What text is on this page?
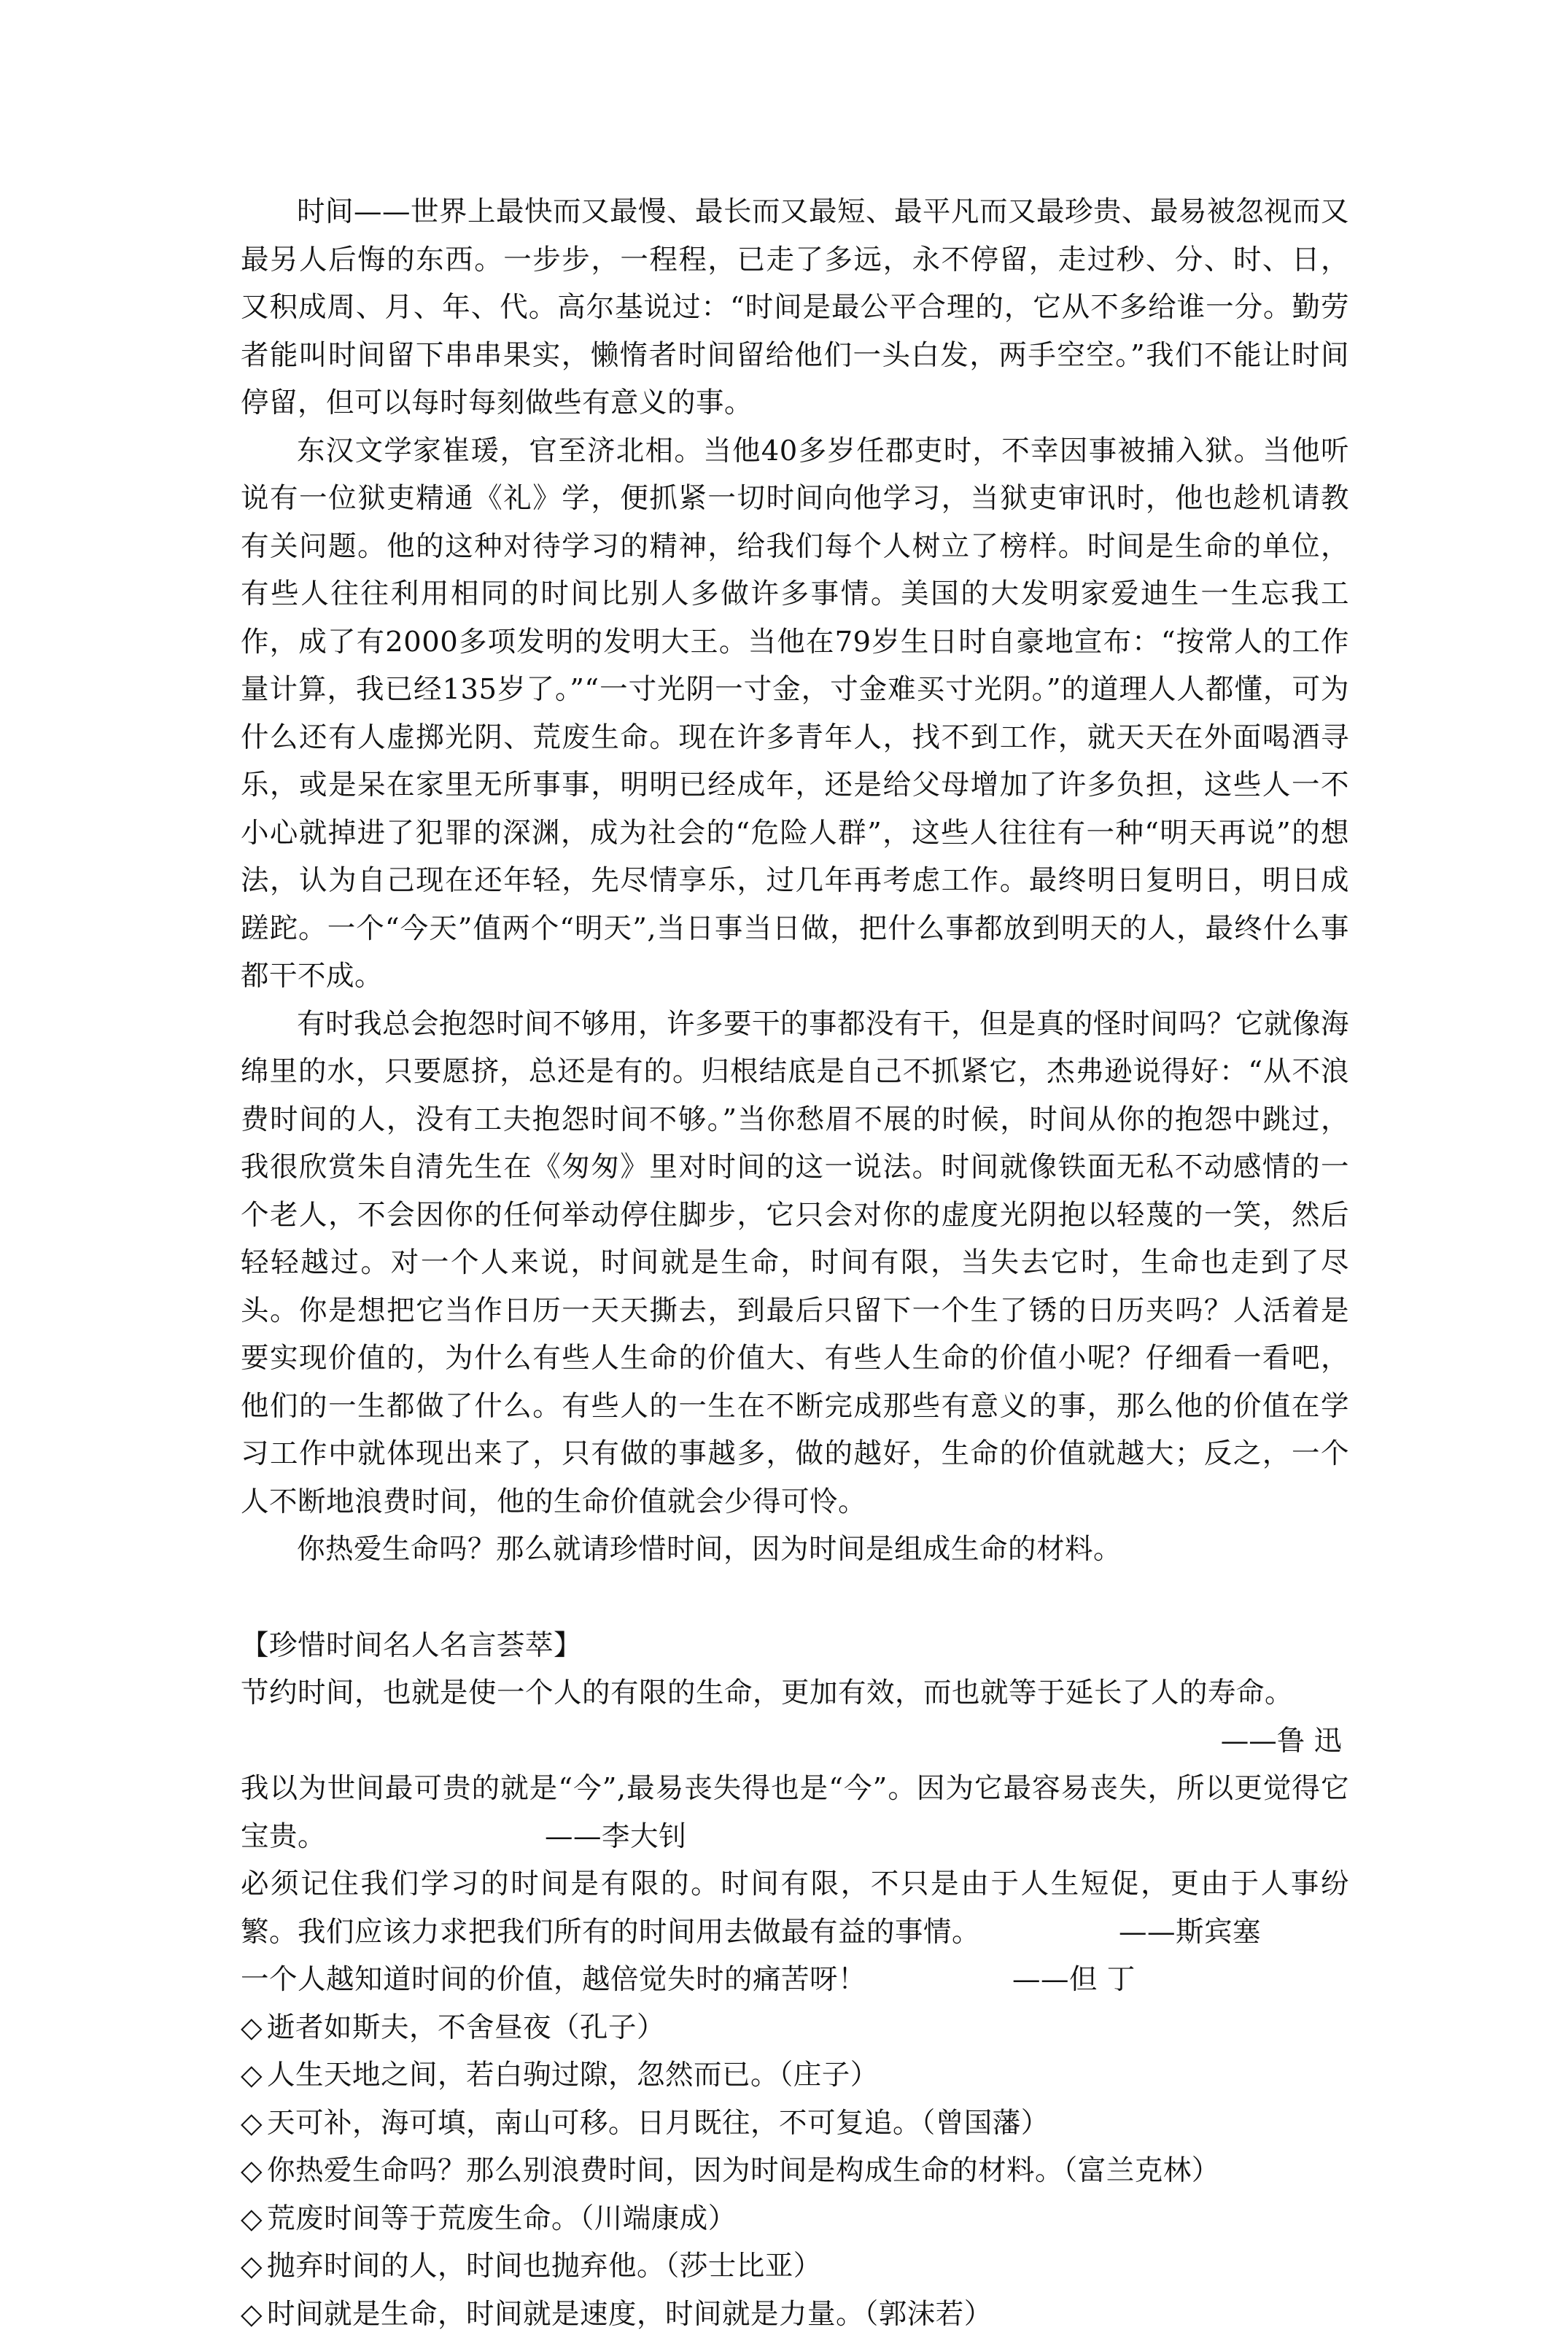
时间——世界上最快而又最慢、最长而又最短、最平凡而又最珍贵、最易被忽视而又最另人后悔的东西。一步步，一程程，已走了多远，永不停留，走过秒、分、时、日，又积成周、月、年、代。高尔基说过：“时间是最公平合理的，它从不多给谁一分。勤劳者能叫时间留下串串果实，懒惰者时间留给他们一头白发，两手空空。”我们不能让时间停留，但可以每时每刻做些有意义的事。

东汉文学家崔瑗，官至济北相。当他40多岁任郡吏时，不幸因事被捕入狱。当他听说有一位狱吏精通《礼》学，便抓紧一切时间向他学习，当狱吏审讯时，他也趁机请教有关问题。他的这种对待学习的精神，给我们每个人树立了榜样。时间是生命的单位，有些人往往利用相同的时间比别人多做许多事情。美国的大发明家爱迪生一生忘我工作，成了有2000多项发明的发明大王。当他在79岁生日时自豪地宣布：“按常人的工作量计算，我已经135岁了。”“一寸光阴一寸金，寸金难买寸光阴。”的道理人人都懂，可为什么还有人虚掷光阴、荒废生命。现在许多青年人，找不到工作，就天天在外面喝酒寻乐，或是呆在家里无所事事，明明已经成年，还是给父母增加了许多负担，这些人一不小心就掉进了犯罪的深渊，成为社会的“危险人群”，这些人往往有一种“明天再说”的想法，认为自己现在还年轻，先尽情享乐，过几年再考虑工作。最终明日复明日，明日成蹉跎。一个“今天”值两个“明天”,当日事当日做，把什么事都放到明天的人，最终什么事都干不成。

有时我总会抱怨时间不够用，许多要干的事都没有干，但是真的怪时间吗？它就像海绵里的水，只要愿挤，总还是有的。归根结底是自己不抓紧它，杰弗逊说得好：“从不浪费时间的人，没有工夫抱怨时间不够。”当你愁眉不展的时候，时间从你的抱怨中跳过，我很欣赏朱自清先生在《匆匆》里对时间的这一说法。时间就像铁面无私不动感情的一个老人，不会因你的任何举动停住脚步，它只会对你的虚度光阴抱以轻蔑的一笑，然后轻轻越过。对一个人来说，时间就是生命，时间有限，当失去它时，生命也走到了尽头。你是想把它当作日历一天天撕去，到最后只留下一个生了锈的日历夹吗？人活着是要实现价值的，为什么有些人生命的价值大、有些人生命的价值小呢？仔细看一看吧，他们的一生都做了什么。有些人的一生在不断完成那些有意义的事，那么他的价值在学习工作中就体现出来了，只有做的事越多，做的越好，生命的价值就越大；反之，一个人不断地浪费时间，他的生命价值就会少得可怜。

你热爱生命吗？那么就请珍惜时间，因为时间是组成生命的材料。

【珍惜时间名人名言荟萃】

节约时间，也就是使一个人的有限的生命，更加有效，而也就等于延长了人的寿命。

——鲁 迅

我以为世间最可贵的就是“今”,最易丧失得也是“今”。因为它最容易丧失，所以更觉得它宝贵。	——李大钊

必须记住我们学习的时间是有限的。时间有限，不只是由于人生短促，更由于人事纷繁。我们应该力求把我们所有的时间用去做最有益的事情。	——斯宾塞

一个人越知道时间的价值，越倍觉失时的痛苦呀！	——但 丁

◇ 逝者如斯夫，不舍昼夜（孔子）
◇ 人生天地之间，若白驹过隙，忽然而已。（庄子）
◇ 天可补，海可填，南山可移。日月既往，不可复追。（曾国藩）
◇ 你热爱生命吗？那么别浪费时间，因为时间是构成生命的材料。（富兰克林）
◇ 荒废时间等于荒废生命。（川端康成）
◇ 抛弃时间的人，时间也抛弃他。（莎士比亚）
◇ 时间就是生命，时间就是速度，时间就是力量。（郭沫若）
